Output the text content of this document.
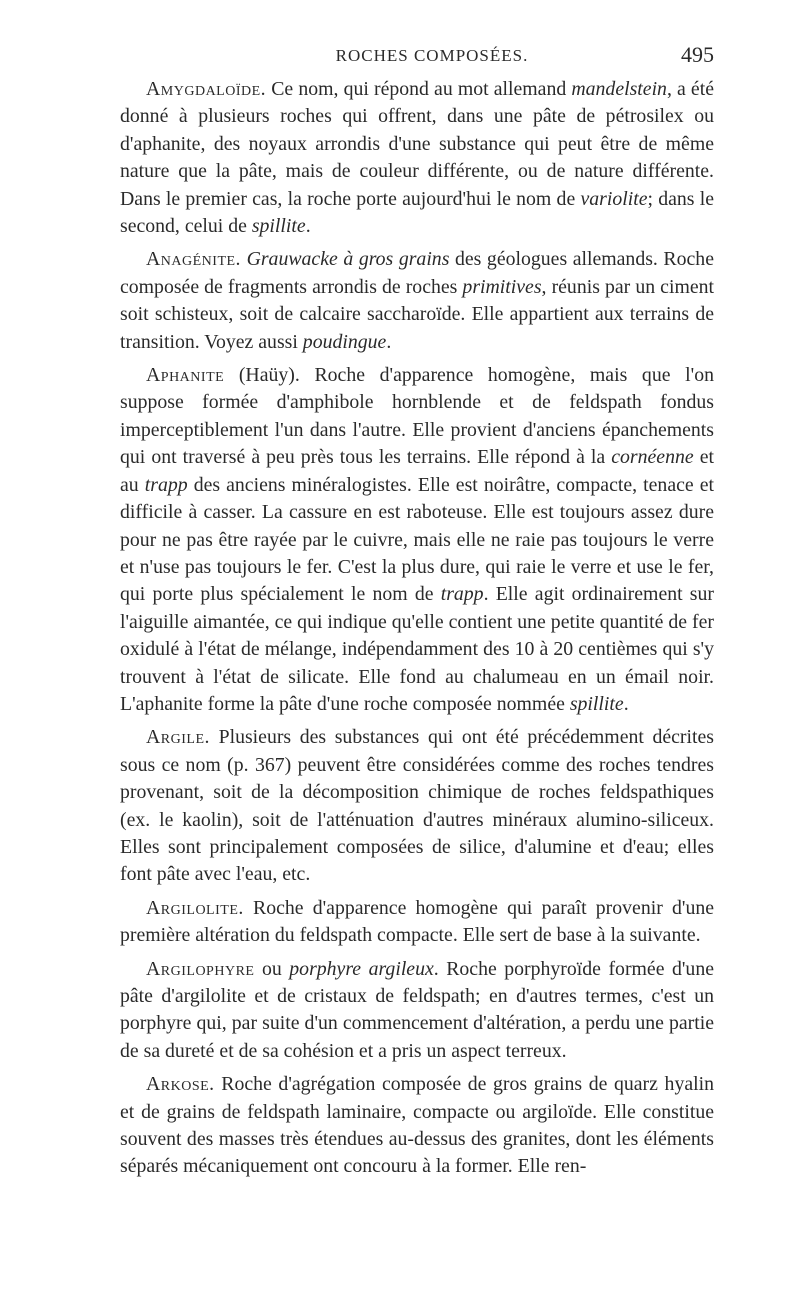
ROCHES COMPOSÉES.	495

Amygdaloïde. Ce nom, qui répond au mot allemand mandelstein, a été donné à plusieurs roches qui offrent, dans une pâte de pétrosilex ou d'aphanite, des noyaux arrondis d'une substance qui peut être de même nature que la pâte, mais de couleur différente, ou de nature différente. Dans le premier cas, la roche porte aujourd'hui le nom de variolite; dans le second, celui de spillite.

Anagénite. Grauwacke à gros grains des géologues allemands. Roche composée de fragments arrondis de roches primitives, réunis par un ciment soit schisteux, soit de calcaire saccharoïde. Elle appartient aux terrains de transition. Voyez aussi poudingue.

Aphanite (Haüy). Roche d'apparence homogène, mais que l'on suppose formée d'amphibole hornblende et de feldspath fondus imperceptiblement l'un dans l'autre. Elle provient d'anciens épanchements qui ont traversé à peu près tous les terrains. Elle répond à la cornéenne et au trapp des anciens minéralogistes. Elle est noirâtre, compacte, tenace et difficile à casser. La cassure en est raboteuse. Elle est toujours assez dure pour ne pas être rayée par le cuivre, mais elle ne raie pas toujours le verre et n'use pas toujours le fer. C'est la plus dure, qui raie le verre et use le fer, qui porte plus spécialement le nom de trapp. Elle agit ordinairement sur l'aiguille aimantée, ce qui indique qu'elle contient une petite quantité de fer oxidulé à l'état de mélange, indépendamment des 10 à 20 centièmes qui s'y trouvent à l'état de silicate. Elle fond au chalumeau en un émail noir. L'aphanite forme la pâte d'une roche composée nommée spillite.

Argile. Plusieurs des substances qui ont été précédemment décrites sous ce nom (p. 367) peuvent être considérées comme des roches tendres provenant, soit de la décomposition chimique de roches feldspathiques (ex. le kaolin), soit de l'atténuation d'autres minéraux alumino-siliceux. Elles sont principalement composées de silice, d'alumine et d'eau; elles font pâte avec l'eau, etc.

Argilolite. Roche d'apparence homogène qui paraît provenir d'une première altération du feldspath compacte. Elle sert de base à la suivante.

Argilophyre ou porphyre argileux. Roche porphyroïde formée d'une pâte d'argilolite et de cristaux de feldspath; en d'autres termes, c'est un porphyre qui, par suite d'un commencement d'altération, a perdu une partie de sa dureté et de sa cohésion et a pris un aspect terreux.

Arkose. Roche d'agrégation composée de gros grains de quarz hyalin et de grains de feldspath laminaire, compacte ou argiloïde. Elle constitue souvent des masses très étendues au-dessus des granites, dont les éléments séparés mécaniquement ont concouru à la former. Elle ren-
